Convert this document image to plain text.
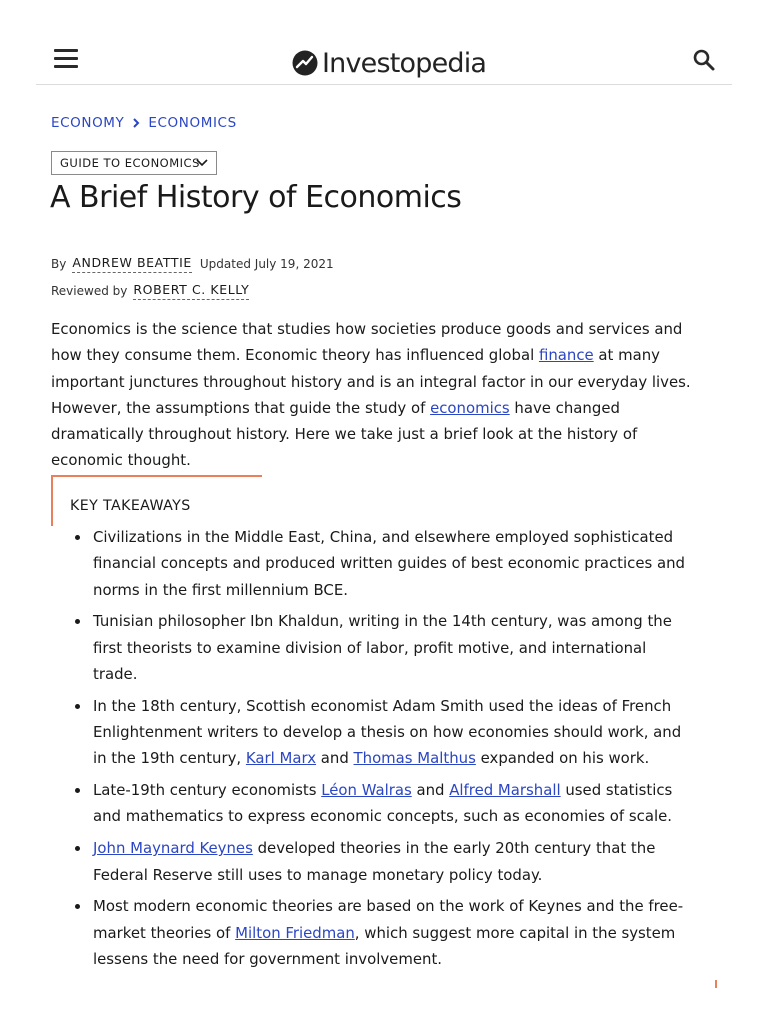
Investopedia
ECONOMY ECONOMICS
GUIDE TO ECONOMICS
A Brief History of Economics
By ANDREW BEATTIE Updated July 19, 2021
Reviewed by ROBERT C. KELLY

Economics is the science that studies how societies produce goods and services and how they consume them. Economic theory has influenced global finance at many important junctures throughout history and is an integral factor in our everyday lives. However, the assumptions that guide the study of economics have changed dramatically throughout history. Here we take just a brief look at the history of economic thought.

KEY TAKEAWAYS
Civilizations in the Middle East, China, and elsewhere employed sophisticated financial concepts and produced written guides of best economic practices and norms in the first millennium BCE.
Tunisian philosopher Ibn Khaldun, writing in the 14th century, was among the first theorists to examine division of labor, profit motive, and international trade.
In the 18th century, Scottish economist Adam Smith used the ideas of French Enlightenment writers to develop a thesis on how economies should work, and in the 19th century, Karl Marx and Thomas Malthus expanded on his work.
Late-19th century economists Léon Walras and Alfred Marshall used statistics and mathematics to express economic concepts, such as economies of scale.
John Maynard Keynes developed theories in the early 20th century that the Federal Reserve still uses to manage monetary policy today.
Most modern economic theories are based on the work of Keynes and the free-market theories of Milton Friedman, which suggest more capital in the system lessens the need for government involvement.
